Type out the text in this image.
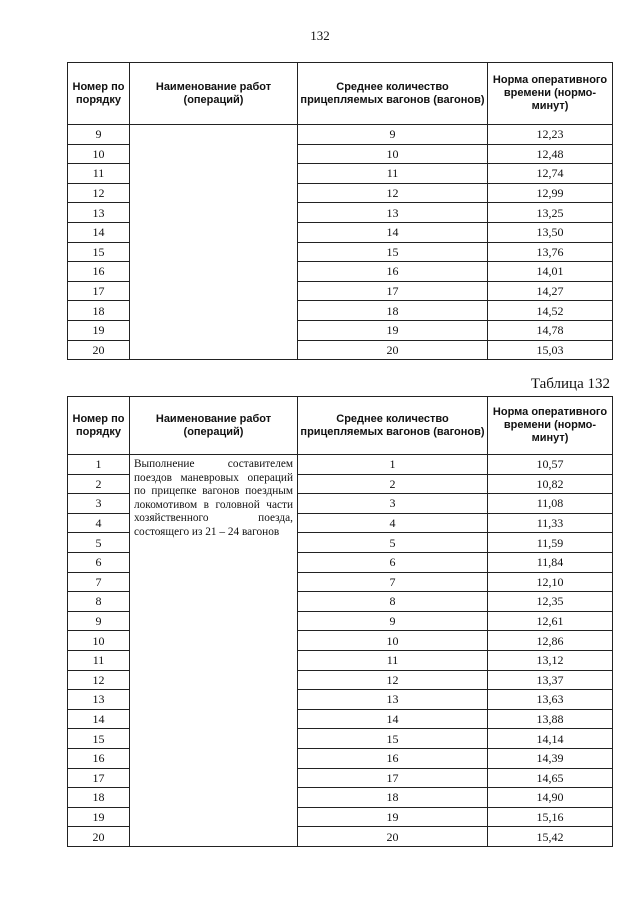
132
Номер по порядку	Наименование работ (операций)	Среднее количество прицепляемых вагонов (вагонов)	Норма оперативного времени (нормо-минут)
9		9	12,23
10		10	12,48
11		11	12,74
12		12	12,99
13		13	13,25
14		14	13,50
15		15	13,76
16		16	14,01
17		17	14,27
18		18	14,52
19		19	14,78
20		20	15,03
Таблица 132
Номер по порядку	Наименование работ (операций)	Среднее количество прицепляемых вагонов (вагонов)	Норма оперативного времени (нормо-минут)
1	Выполнение составителем поездов маневровых операций по прицепке вагонов поездным локомотивом в головной части хозяйственного поезда, состоящего из 21 – 24 вагонов	1	10,57
2		2	10,82
3		3	11,08
4		4	11,33
5		5	11,59
6		6	11,84
7		7	12,10
8		8	12,35
9		9	12,61
10		10	12,86
11		11	13,12
12		12	13,37
13		13	13,63
14		14	13,88
15		15	14,14
16		16	14,39
17		17	14,65
18		18	14,90
19		19	15,16
20		20	15,42
